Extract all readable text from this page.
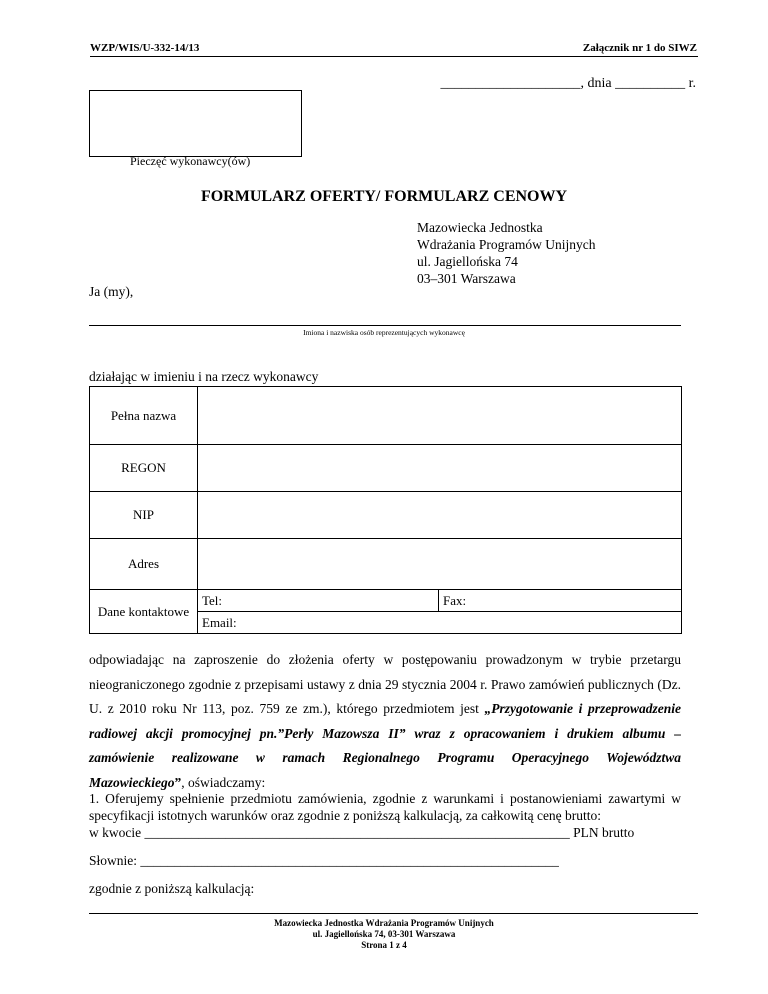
WZP/WIS/U-332-14/13	Załącznik nr 1 do SIWZ
____________________, dnia __________ r.
Pieczęć wykonawcy(ów)
FORMULARZ OFERTY/ FORMULARZ CENOWY
Mazowiecka Jednostka
Wdrażania Programów Unijnych
ul. Jagiellońska 74
03–301 Warszawa
Ja (my),
Imiona i nazwiska osób reprezentujących wykonawcę
działając w imieniu i na rzecz wykonawcy
Pełna nazwa		
REGON		
NIP		
Adres		
Dane kontaktowe	Tel:	Fax:
	Email:	
odpowiadając na zaproszenie do złożenia oferty w postępowaniu prowadzonym w trybie przetargu nieograniczonego zgodnie z przepisami ustawy z dnia 29 stycznia 2004 r. Prawo zamówień publicznych (Dz. U. z 2010 roku Nr 113, poz. 759 ze zm.), którego przedmiotem jest „Przygotowanie i przeprowadzenie radiowej akcji promocyjnej pn.”Perły Mazowsza II” wraz z opracowaniem i drukiem albumu – zamówienie realizowane w ramach Regionalnego Programu Operacyjnego Województwa Mazowieckiego”, oświadczamy:
1. Oferujemy spełnienie przedmiotu zamówienia, zgodnie z warunkami i postanowieniami zawartymi w specyfikacji istotnych warunków oraz zgodnie z poniższą kalkulacją, za całkowitą cenę brutto:
w kwocie _______________________________________________________________ PLN brutto
Słownie: ______________________________________________________________
zgodnie z poniższą kalkulacją:
Mazowiecka Jednostka Wdrażania Programów Unijnych
ul. Jagiellońska 74, 03-301 Warszawa
Strona 1 z 4
